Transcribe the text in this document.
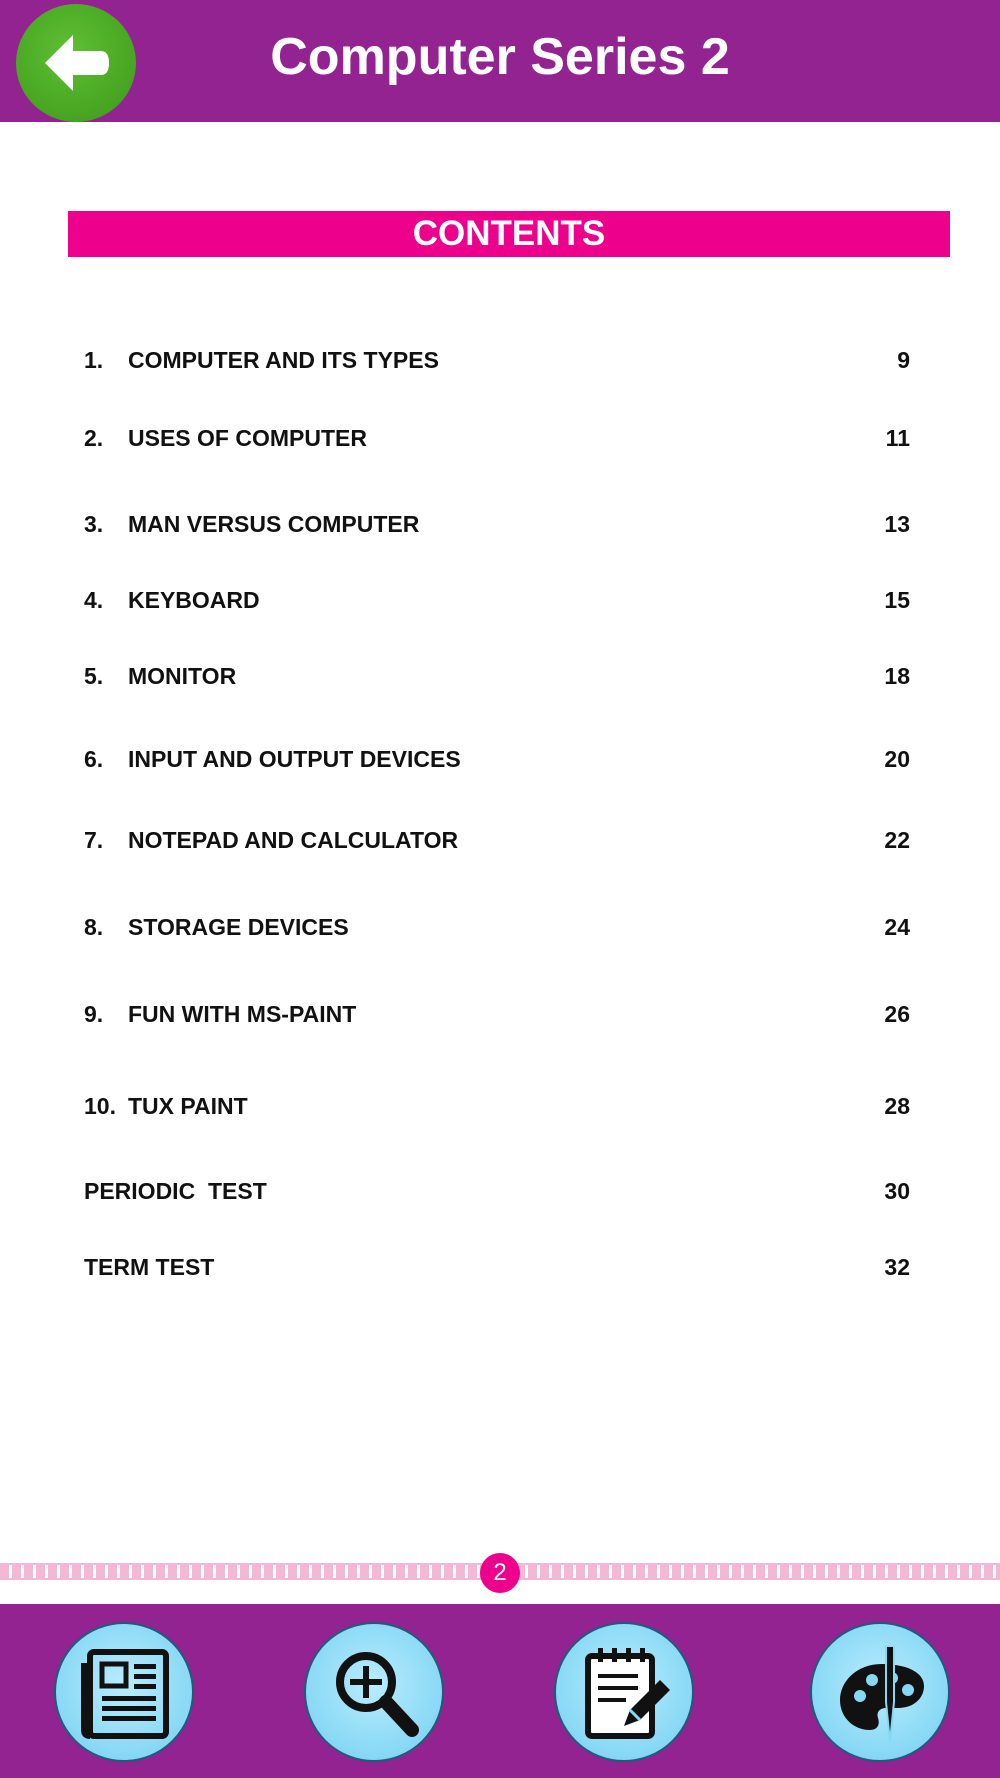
Computer Series 2
CONTENTS
1. COMPUTER AND ITS TYPES	9
2. USES OF COMPUTER	11
3. MAN VERSUS COMPUTER	13
4. KEYBOARD	15
5. MONITOR	18
6. INPUT AND OUTPUT DEVICES	20
7. NOTEPAD AND CALCULATOR	22
8. STORAGE DEVICES	24
9. FUN WITH MS-PAINT	26
10. TUX PAINT	28
PERIODIC  TEST	30
TERM TEST	32
2
